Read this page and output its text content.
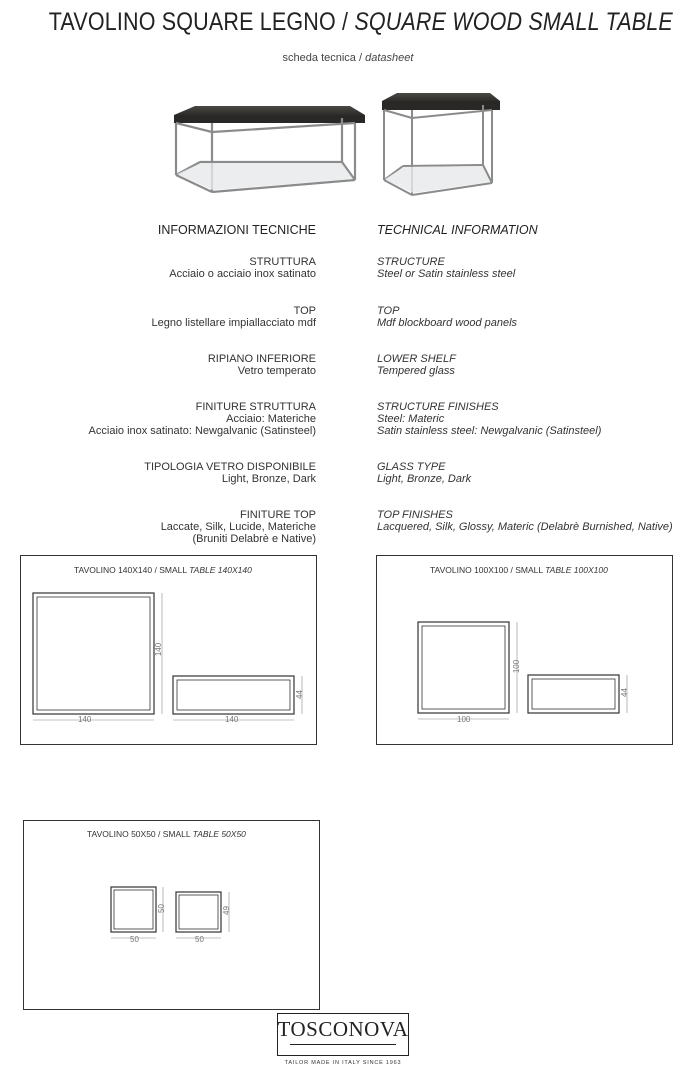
TAVOLINO SQUARE LEGNO / SQUARE WOOD SMALL TABLE
scheda tecnica / datasheet
INFORMAZIONI TECNICHE	TECHNICAL INFORMATION
STRUTTURA
Acciaio o acciaio inox satinato
TOP
Legno listellare impiallacciato mdf
RIPIANO INFERIORE
Vetro temperato
FINITURE STRUTTURA
Acciaio: Materiche
Acciaio inox satinato: Newgalvanic (Satinsteel)
TIPOLOGIA VETRO DISPONIBILE
Light, Bronze, Dark
FINITURE TOP
Laccate, Silk, Lucide, Materiche
(Bruniti Delabrè e Native)
STRUCTURE
Steel or Satin stainless steel
TOP
Mdf blockboard wood panels
LOWER SHELF
Tempered glass
STRUCTURE FINISHES
Steel: Materic
Satin stainless steel: Newgalvanic (Satinsteel)
GLASS TYPE
Light, Bronze, Dark
TOP FINISHES
Lacquered, Silk, Glossy, Materic (Delabrè Burnished, Native)
TAVOLINO 140X140 / SMALL TABLE 140X140
140
140
140
44
TAVOLINO 100X100 / SMALL TABLE 100X100
100
100
44
TAVOLINO 50X50 / SMALL TABLE 50X50
50
50
50
49
TOSCONOVA
TAILOR MADE IN ITALY SINCE 1963
